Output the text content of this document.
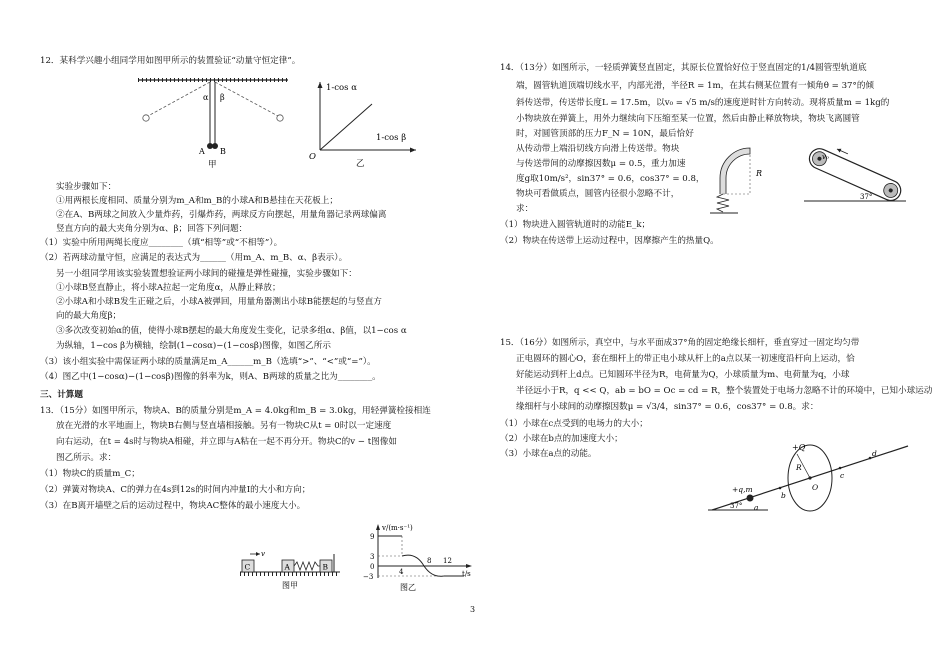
12．某科学兴趣小组同学用如图甲所示的装置验证“动量守恒定律”。
α β
A B
甲
1-cos α
1-cos β
O
乙
实验步骤如下：
①用两根长度相同、质量分别为m_A和m_B的小球A和B悬挂在天花板上；
②在A、B两球之间放入少量炸药，引爆炸药，两球反方向摆起，用量角器记录两球偏离
竖直方向的最大夹角分别为α、β；回答下列问题：
（1）实验中所用两绳长度应________（填“相等”或“不相等”）。
（2）若两球动量守恒，应满足的表达式为______（用m_A、m_B、α、β表示）。
另一小组同学用该实验装置想验证两小球间的碰撞是弹性碰撞，实验步骤如下：
①小球B竖直静止，将小球A拉起一定角度α，从静止释放；
②小球A和小球B发生正碰之后，小球A被弹回，用量角器测出小球B能摆起的与竖直方
向的最大角度β；
③多次改变初始α的值，使得小球B摆起的最大角度发生变化，记录多组α、β值，以1−cos α
为纵轴，1−cos β为横轴，绘制(1−cosα)−(1−cosβ)图像，如图乙所示
（3）该小组实验中需保证两小球的质量满足m_A______m_B（选填“>”、“<”或“=”）。
（4）图乙中(1−cosα)−(1−cosβ)图像的斜率为k，则A、B两球的质量之比为________。
三、计算题
13．（15分）如图甲所示，物块A、B的质量分别是m_A = 4.0kg和m_B = 3.0kg，用轻弹簧栓接相连
放在光滑的水平地面上，物块B右侧与竖直墙相接触。另有一物块C从t = 0时以一定速度
向右运动，在t = 4s时与物块A相碰，并立即与A粘在一起不再分开。物块C的v − t图像如
图乙所示。求：
（1）物块C的质量m_C；
（2）弹簧对物块A、C的弹力在4s到12s的时间内冲量I的大小和方向；
（3）在B离开墙壁之后的运动过程中，物块AC整体的最小速度大小。
v
C	A	B
图甲
v/(m·s⁻¹)
9
3
0
−3
4
8 12
t/s
图乙
14．（13分）如图所示，一轻质弹簧竖直固定，其原长位置恰好位于竖直固定的1/4圆管型轨道底
端，圆管轨道顶端切线水平，内部光滑，半径R = 1m，在其右侧某位置有一倾角θ = 37°的倾
斜传送带，传送带长度L = 17.5m，以v₀ = √5 m/s的速度逆时针方向转动。现将质量m = 1kg的
小物块放在弹簧上，用外力继续向下压缩至某一位置，然后由静止释放物块，物块飞离圆管
时，对圆管顶部的压力F_N = 10N，最后恰好
从传动带上端沿切线方向滑上传送带。物块
与传送带间的动摩擦因数μ = 0.5，重力加速
度g取10m/s²，sin37° = 0.6，cos37° = 0.8，
物块可看做质点，圆管内径很小忽略不计，
求：
（1）物块进入圆管轨道时的动能E_k；
（2）物块在传送带上运动过程中，因摩擦产生的热量Q。
R
v₀
37°
15．（16分）如图所示，真空中，与水平面成37°角的固定绝缘长细杆，垂直穿过一固定均匀带
正电圆环的圆心O，套在细杆上的带正电小球从杆上的a点以某一初速度沿杆向上运动，恰
好能运动到杆上d点。已知圆环半径为R，电荷量为Q，小球质量为m、电荷量为q，小球
半径远小于R，q << Q，ab = bO = Oc = cd = R，整个装置处于电场力忽略不计的环境中，已知小球运动
缘细杆与小球间的动摩擦因数μ = √3/4，sin37° = 0.6，cos37° = 0.8。求：
（1）小球在c点受到的电场力的大小；
（2）小球在b点的加速度大小；
（3）小球在a点的动能。
+Q
R
O
+q,m
a
b
c
d
37°
3
